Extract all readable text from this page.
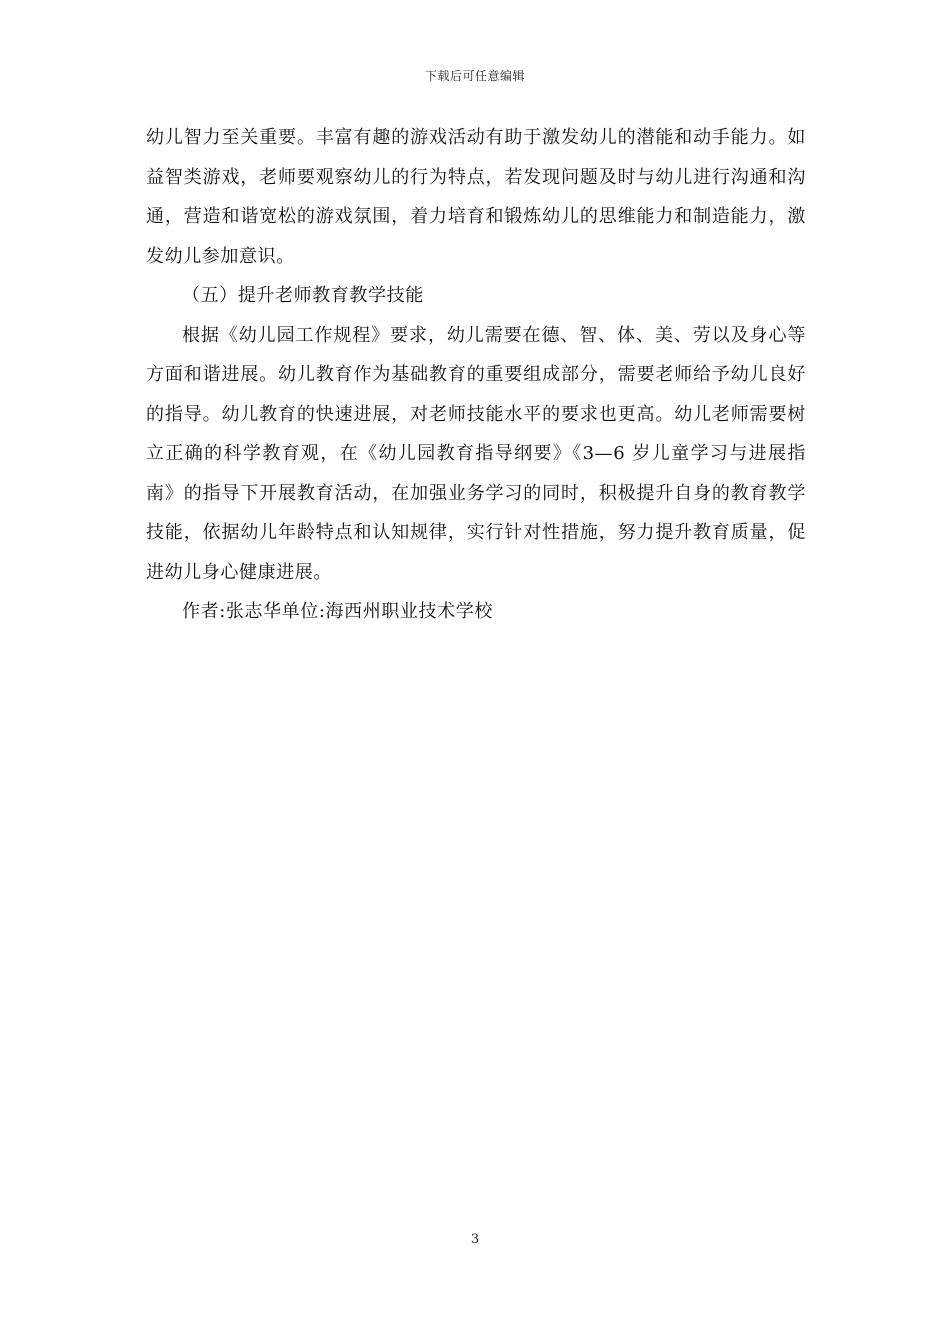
下载后可任意编辑

幼儿智力至关重要。丰富有趣的游戏活动有助于激发幼儿的潜能和动手能力。如益智类游戏，老师要观察幼儿的行为特点，若发现问题及时与幼儿进行沟通和沟通，营造和谐宽松的游戏氛围，着力培育和锻炼幼儿的思维能力和制造能力，激发幼儿参加意识。

（五）提升老师教育教学技能

根据《幼儿园工作规程》要求，幼儿需要在德、智、体、美、劳以及身心等方面和谐进展。幼儿教育作为基础教育的重要组成部分，需要老师给予幼儿良好的指导。幼儿教育的快速进展，对老师技能水平的要求也更高。幼儿老师需要树立正确的科学教育观，在《幼儿园教育指导纲要》《3—6 岁儿童学习与进展指南》的指导下开展教育活动，在加强业务学习的同时，积极提升自身的教育教学技能，依据幼儿年龄特点和认知规律，实行针对性措施，努力提升教育质量，促进幼儿身心健康进展。

作者:张志华单位:海西州职业技术学校

3
